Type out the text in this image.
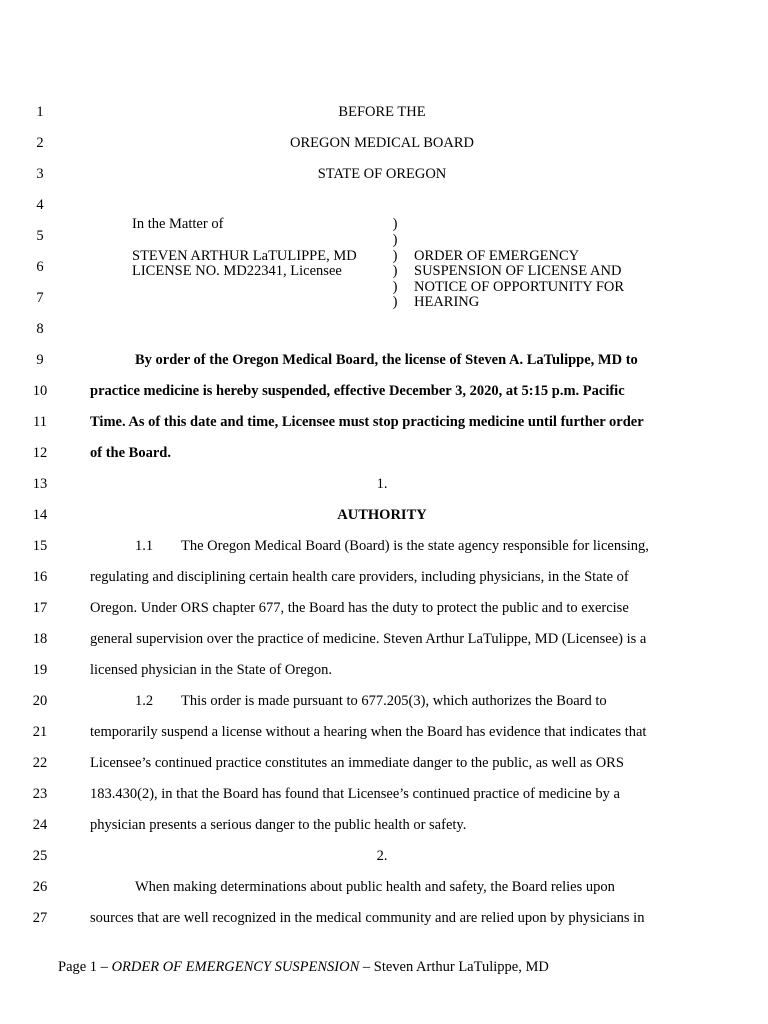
1
2
3
4
5
6
7
8
9
10
11
12
13
14
15
16
17
18
19
20
21
22
23
24
25
26
27
BEFORE THE
OREGON MEDICAL BOARD
STATE OF OREGON
In the Matter of
STEVEN ARTHUR LaTULIPPE, MD
LICENSE NO. MD22341, Licensee
)
)
)
)
)
)
ORDER OF EMERGENCY
SUSPENSION OF LICENSE AND
NOTICE OF OPPORTUNITY FOR
HEARING
By order of the Oregon Medical Board, the license of Steven A. LaTulippe, MD to
practice medicine is hereby suspended, effective December 3, 2020, at 5:15 p.m. Pacific
Time. As of this date and time, Licensee must stop practicing medicine until further order
of the Board.
1.
AUTHORITY
1.1 The Oregon Medical Board (Board) is the state agency responsible for licensing,
regulating and disciplining certain health care providers, including physicians, in the State of
Oregon. Under ORS chapter 677, the Board has the duty to protect the public and to exercise
general supervision over the practice of medicine. Steven Arthur LaTulippe, MD (Licensee) is a
licensed physician in the State of Oregon.
1.2 This order is made pursuant to 677.205(3), which authorizes the Board to
temporarily suspend a license without a hearing when the Board has evidence that indicates that
Licensee’s continued practice constitutes an immediate danger to the public, as well as ORS
183.430(2), in that the Board has found that Licensee’s continued practice of medicine by a
physician presents a serious danger to the public health or safety.
2.
When making determinations about public health and safety, the Board relies upon
sources that are well recognized in the medical community and are relied upon by physicians in
Page 1 – ORDER OF EMERGENCY SUSPENSION – Steven Arthur LaTulippe, MD
